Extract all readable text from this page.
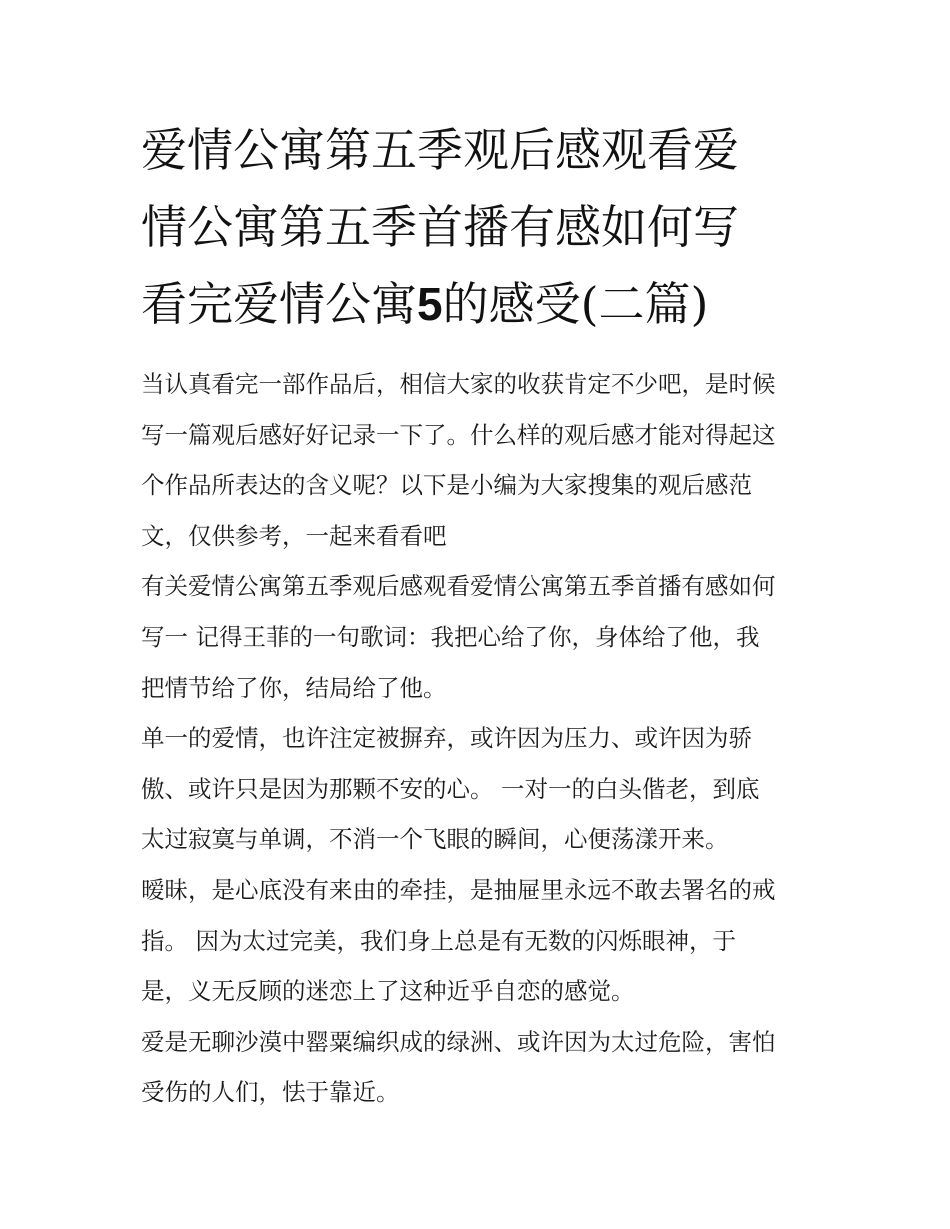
爱情公寓第五季观后感观看爱
情公寓第五季首播有感如何写
看完爱情公寓5的感受(二篇)
当认真看完一部作品后，相信大家的收获肯定不少吧，是时候
写一篇观后感好好记录一下了。什么样的观后感才能对得起这
个作品所表达的含义呢？以下是小编为大家搜集的观后感范
文，仅供参考，一起来看看吧
有关爱情公寓第五季观后感观看爱情公寓第五季首播有感如何
写一 记得王菲的一句歌词：我把心给了你，身体给了他，我
把情节给了你，结局给了他。
单一的爱情，也许注定被摒弃，或许因为压力、或许因为骄
傲、或许只是因为那颗不安的心。 一对一的白头偕老，到底
太过寂寞与单调，不消一个飞眼的瞬间，心便荡漾开来。
暧昧，是心底没有来由的牵挂，是抽屉里永远不敢去署名的戒
指。 因为太过完美，我们身上总是有无数的闪烁眼神，于
是，义无反顾的迷恋上了这种近乎自恋的感觉。
爱是无聊沙漠中罂粟编织成的绿洲、或许因为太过危险，害怕
受伤的人们，怯于靠近。
